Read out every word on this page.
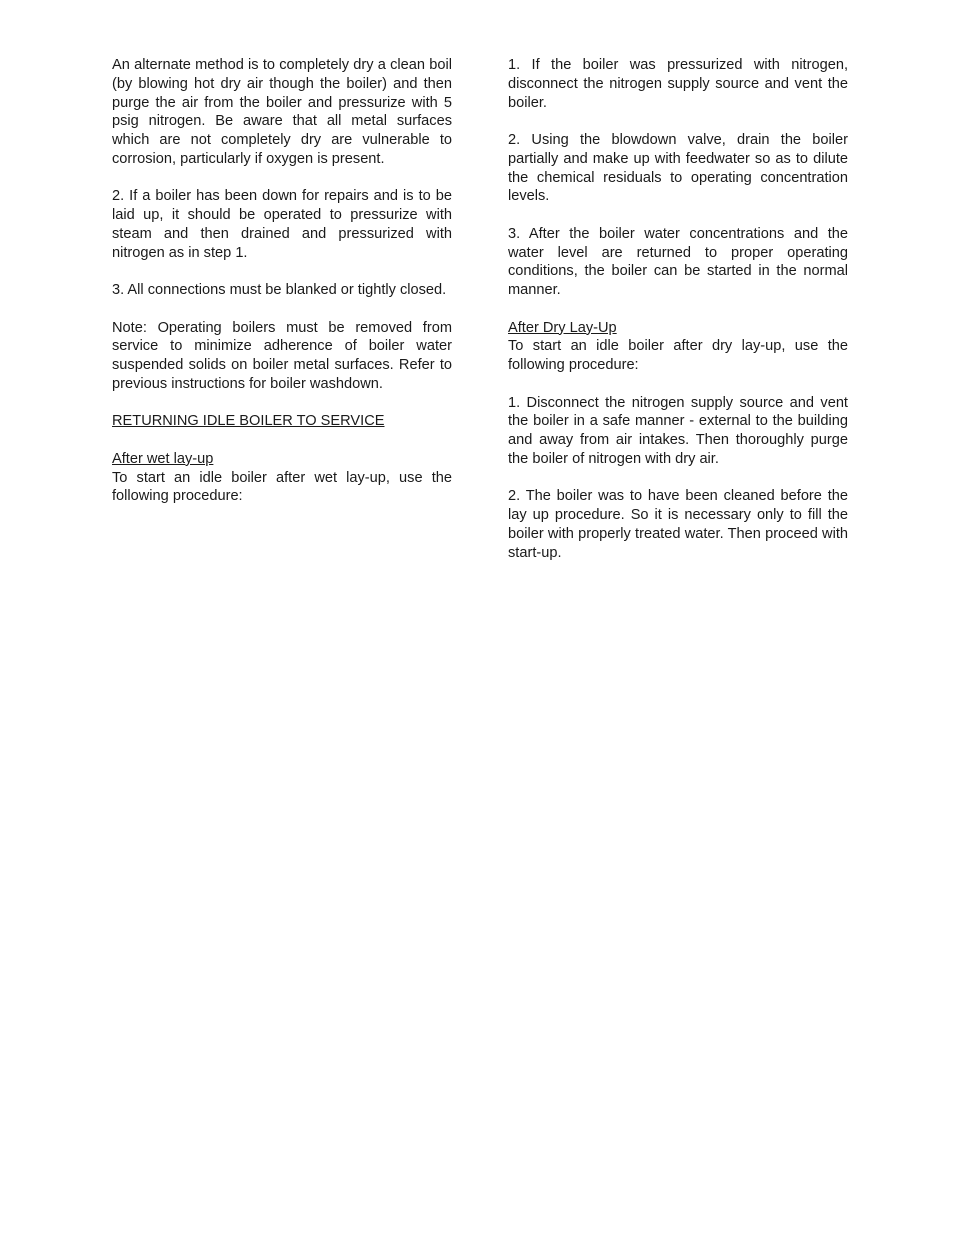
An alternate method is to completely dry a clean boil (by blowing hot dry air though the boiler) and then purge the air from the boiler and pressurize with 5 psig nitrogen. Be aware that all metal surfaces which are not completely dry are vulnerable to corrosion, particularly if oxygen is present.

2. If a boiler has been down for repairs and is to be laid up, it should be operated to pressurize with steam and then drained and pressurized with nitrogen as in step 1.

3. All connections must be blanked or tightly closed.

Note: Operating boilers must be removed from service to minimize adherence of boiler water suspended solids on boiler metal surfaces. Refer to previous instructions for boiler washdown.

RETURNING IDLE BOILER TO SERVICE

After wet lay-up

To start an idle boiler after wet lay-up, use the following procedure:

1. If the boiler was pressurized with nitrogen, disconnect the nitrogen supply source and vent the boiler.

2. Using the blowdown valve, drain the boiler partially and make up with feedwater so as to dilute the chemical residuals to operating concentration levels.

3. After the boiler water concentrations and the water level are returned to proper operating conditions, the boiler can be started in the normal manner.

After Dry Lay-Up

To start an idle boiler after dry lay-up, use the following procedure:

1. Disconnect the nitrogen supply source and vent the boiler in a safe manner - external to the building and away from air intakes. Then thoroughly purge the boiler of nitrogen with dry air.

2. The boiler was to have been cleaned before the lay up procedure. So it is necessary only to fill the boiler with properly treated water. Then proceed with start-up.
